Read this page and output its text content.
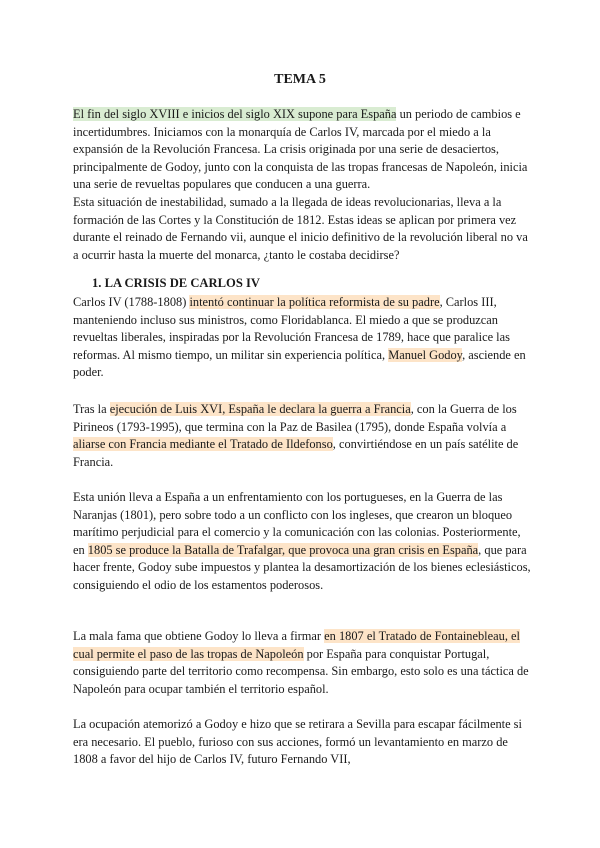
TEMA 5

El fin del siglo XVIII e inicios del siglo XIX supone para España un periodo de cambios e incertidumbres. Iniciamos con la monarquía de Carlos IV, marcada por el miedo a la expansión de la Revolución Francesa. La crisis originada por una serie de desaciertos, principalmente de Godoy, junto con la conquista de las tropas francesas de Napoleón, inicia una serie de revueltas populares que conducen a una guerra.

Esta situación de inestabilidad, sumado a la llegada de ideas revolucionarias, lleva a la formación de las Cortes y la Constitución de 1812. Estas ideas se aplican por primera vez durante el reinado de Fernando vii, aunque el inicio definitivo de la revolución liberal no va a ocurrir hasta la muerte del monarca, ¿tanto le costaba decidirse?

1. LA CRISIS DE CARLOS IV

Carlos IV (1788-1808) intentó continuar la política reformista de su padre, Carlos III, manteniendo incluso sus ministros, como Floridablanca. El miedo a que se produzcan revueltas liberales, inspiradas por la Revolución Francesa de 1789, hace que paralice las reformas. Al mismo tiempo, un militar sin experiencia política, Manuel Godoy, asciende en poder.

Tras la ejecución de Luis XVI, España le declara la guerra a Francia, con la Guerra de los Pirineos (1793-1995), que termina con la Paz de Basilea (1795), donde España volvía a aliarse con Francia mediante el Tratado de Ildefonso, convirtiéndose en un país satélite de Francia.

Esta unión lleva a España a un enfrentamiento con los portugueses, en la Guerra de las Naranjas (1801), pero sobre todo a un conflicto con los ingleses, que crearon un bloqueo marítimo perjudicial para el comercio y la comunicación con las colonias. Posteriormente, en 1805 se produce la Batalla de Trafalgar, que provoca una gran crisis en España, que para hacer frente, Godoy sube impuestos y plantea la desamortización de los bienes eclesiásticos, consiguiendo el odio de los estamentos poderosos.

La mala fama que obtiene Godoy lo lleva a firmar en 1807 el Tratado de Fontainebleau, el cual permite el paso de las tropas de Napoleón por España para conquistar Portugal, consiguiendo parte del territorio como recompensa. Sin embargo, esto solo es una táctica de Napoleón para ocupar también el territorio español.

La ocupación atemorizó a Godoy e hizo que se retirara a Sevilla para escapar fácilmente si era necesario. El pueblo, furioso con sus acciones, formó un levantamiento en marzo de 1808 a favor del hijo de Carlos IV, futuro Fernando VII,
